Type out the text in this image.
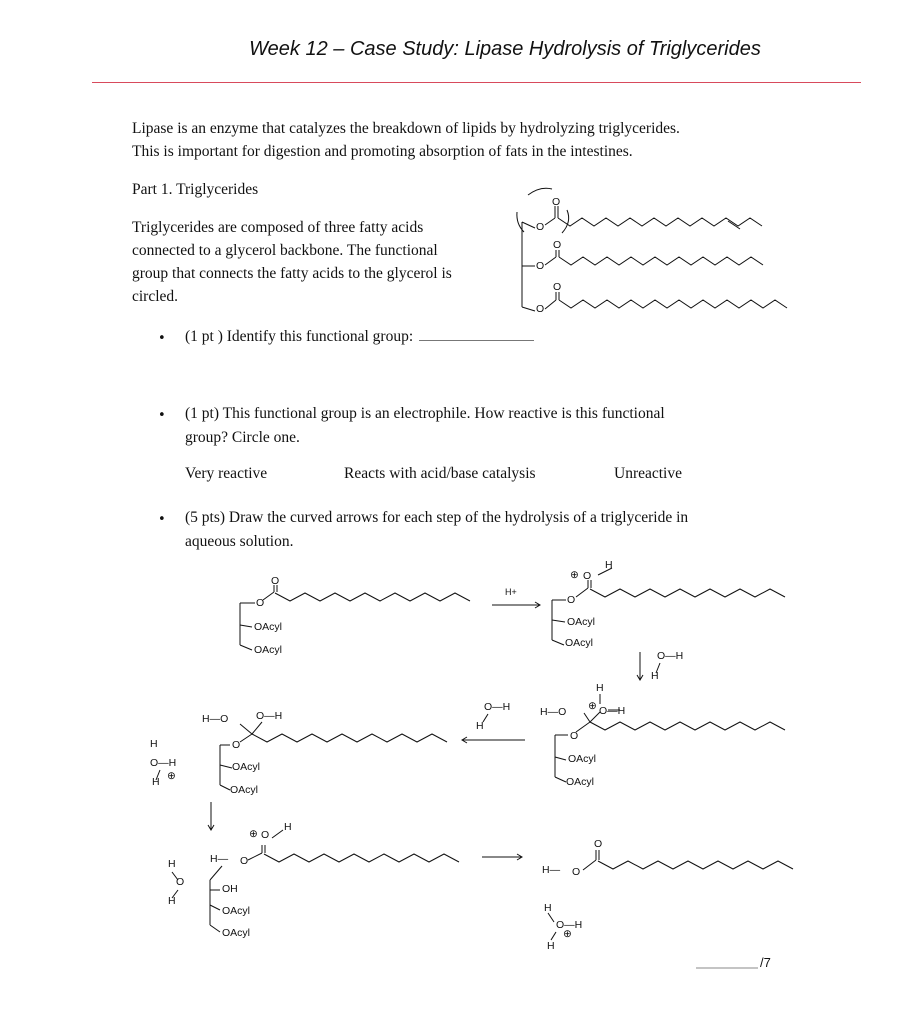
Week 12 – Case Study: Lipase Hydrolysis of Triglycerides
Lipase is an enzyme that catalyzes the breakdown of lipids by hydrolyzing triglycerides.
This is important for digestion and promoting absorption of fats in the intestines.
Part 1. Triglycerides
Triglycerides are composed of three fatty acids
connected to a glycerol backbone. The functional
group that connects the fatty acids to the glycerol is
circled.
• (1 pt ) Identify this functional group:
• (1 pt) This functional group is an electrophile. How reactive is this functional
group? Circle one.
Very reactive	Reacts with acid/base catalysis	Unreactive
• (5 pts) Draw the curved arrows for each step of the hydrolysis of a triglyceride in
aqueous solution.
O
O
O
O
O
O
O
O
OAcyl
OAcyl
H+
⊕ O
H
O
OAcyl
OAcyl
O—H
H
H
H—O ⊕ O—H
O
OAcyl
OAcyl
O—H
H
H—O	O—H
O
OAcyl
OAcyl
H
O—H
H ⊕
⊕ O
H
H— O
OH
OAcyl
OAcyl
H
O
H
H— O
O
H
O—H
⊕
H
/7
